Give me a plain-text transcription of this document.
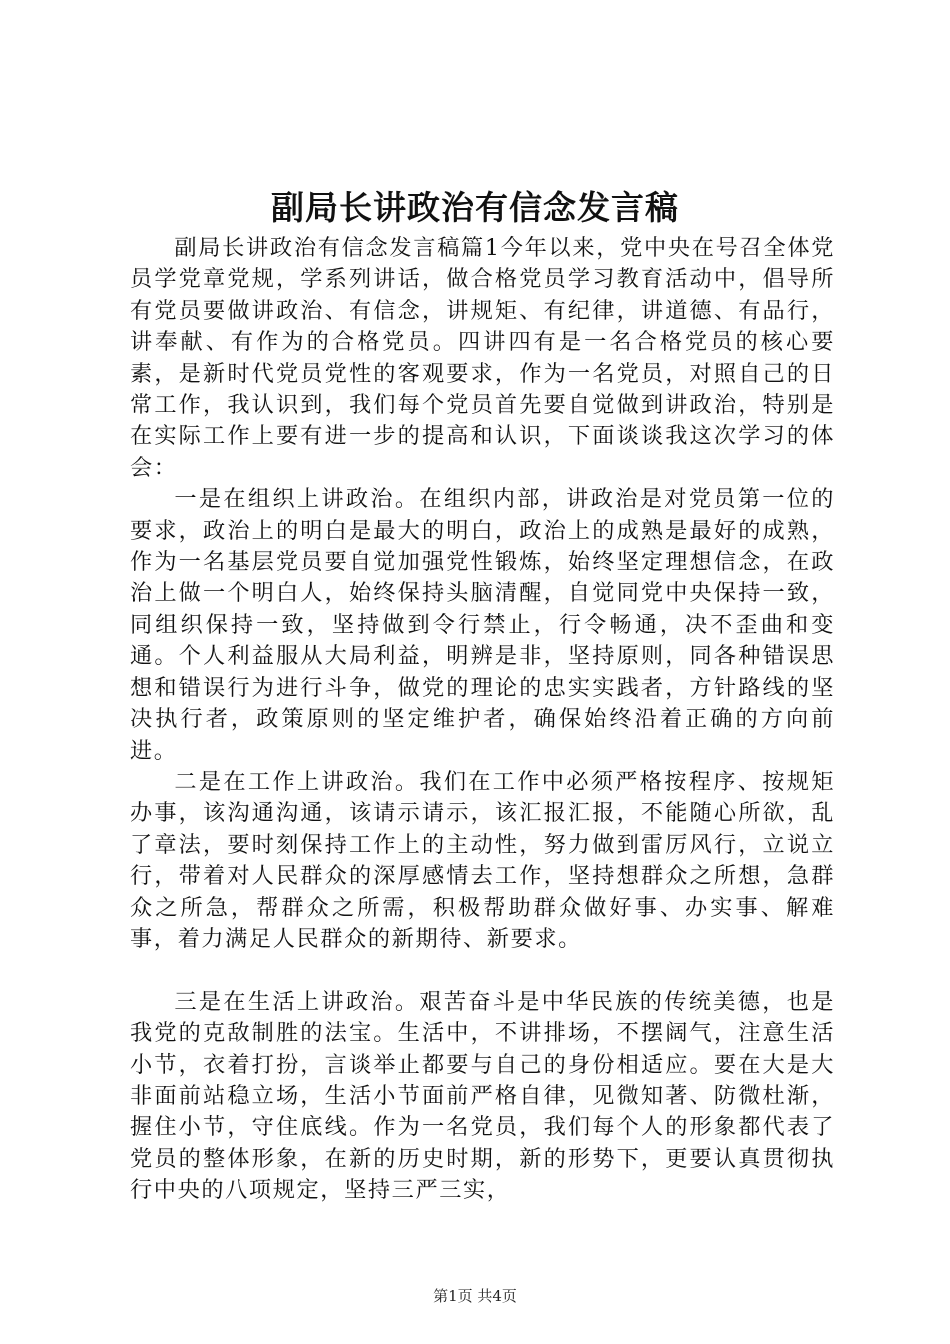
副局长讲政治有信念发言稿

副局长讲政治有信念发言稿篇1今年以来，党中央在号召全体党员学党章党规，学系列讲话，做合格党员学习教育活动中，倡导所有党员要做讲政治、有信念，讲规矩、有纪律，讲道德、有品行，讲奉献、有作为的合格党员。四讲四有是一名合格党员的核心要素，是新时代党员党性的客观要求，作为一名党员，对照自己的日常工作，我认识到，我们每个党员首先要自觉做到讲政治，特别是在实际工作上要有进一步的提高和认识，下面谈谈我这次学习的体会：

一是在组织上讲政治。在组织内部，讲政治是对党员第一位的要求，政治上的明白是最大的明白，政治上的成熟是最好的成熟，作为一名基层党员要自觉加强党性锻炼，始终坚定理想信念，在政治上做一个明白人，始终保持头脑清醒，自觉同党中央保持一致，同组织保持一致，坚持做到令行禁止，行令畅通，决不歪曲和变通。个人利益服从大局利益，明辨是非，坚持原则，同各种错误思想和错误行为进行斗争，做党的理论的忠实实践者，方针路线的坚决执行者，政策原则的坚定维护者，确保始终沿着正确的方向前进。

二是在工作上讲政治。我们在工作中必须严格按程序、按规矩办事，该沟通沟通，该请示请示，该汇报汇报，不能随心所欲，乱了章法，要时刻保持工作上的主动性，努力做到雷厉风行，立说立行，带着对人民群众的深厚感情去工作，坚持想群众之所想，急群众之所急，帮群众之所需，积极帮助群众做好事、办实事、解难事，着力满足人民群众的新期待、新要求。

三是在生活上讲政治。艰苦奋斗是中华民族的传统美德，也是我党的克敌制胜的法宝。生活中，不讲排场，不摆阔气，注意生活小节，衣着打扮，言谈举止都要与自己的身份相适应。要在大是大非面前站稳立场，生活小节面前严格自律，见微知著、防微杜渐，握住小节，守住底线。作为一名党员，我们每个人的形象都代表了党员的整体形象，在新的历史时期，新的形势下，更要认真贯彻执行中央的八项规定，坚持三严三实，

第1页 共4页
